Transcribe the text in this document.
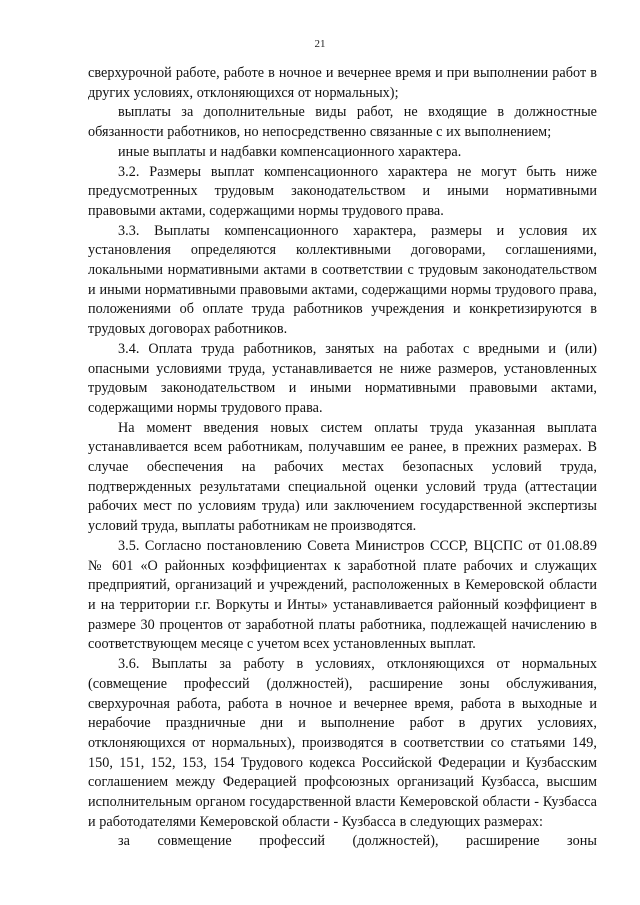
21

сверхурочной работе, работе в ночное и вечернее время и при выполнении работ в других условиях, отклоняющихся от нормальных);

выплаты за дополнительные виды работ, не входящие в должностные обязанности работников, но непосредственно связанные с их выполнением;

иные выплаты и надбавки компенсационного характера.

3.2. Размеры выплат компенсационного характера не могут быть ниже предусмотренных трудовым законодательством и иными нормативными правовыми актами, содержащими нормы трудового права.

3.3. Выплаты компенсационного характера, размеры и условия их установления определяются коллективными договорами, соглашениями, локальными нормативными актами в соответствии с трудовым законодательством и иными нормативными правовыми актами, содержащими нормы трудового права, положениями об оплате труда работников учреждения и конкретизируются в трудовых договорах работников.

3.4. Оплата труда работников, занятых на работах с вредными и (или) опасными условиями труда, устанавливается не ниже размеров, установленных трудовым законодательством и иными нормативными правовыми актами, содержащими нормы трудового права.

На момент введения новых систем оплаты труда указанная выплата устанавливается всем работникам, получавшим ее ранее, в прежних размерах. В случае обеспечения на рабочих местах безопасных условий труда, подтвержденных результатами специальной оценки условий труда (аттестации рабочих мест по условиям труда) или заключением государственной экспертизы условий труда, выплаты работникам не производятся.

3.5. Согласно постановлению Совета Министров СССР, ВЦСПС от 01.08.89 № 601 «О районных коэффициентах к заработной плате рабочих и служащих предприятий, организаций и учреждений, расположенных в Кемеровской области и на территории г.г. Воркуты и Инты» устанавливается районный коэффициент в размере 30 процентов от заработной платы работника, подлежащей начислению в соответствующем месяце с учетом всех установленных выплат.

3.6. Выплаты за работу в условиях, отклоняющихся от нормальных (совмещение профессий (должностей), расширение зоны обслуживания, сверхурочная работа, работа в ночное и вечернее время, работа в выходные и нерабочие праздничные дни и выполнение работ в других условиях, отклоняющихся от нормальных), производятся в соответствии со статьями 149, 150, 151, 152, 153, 154 Трудового кодекса Российской Федерации и Кузбасским соглашением между Федерацией профсоюзных организаций Кузбасса, высшим исполнительным органом государственной власти Кемеровской области - Кузбасса и работодателями Кемеровской области - Кузбасса в следующих размерах:

за совмещение профессий (должностей), расширение зоны
